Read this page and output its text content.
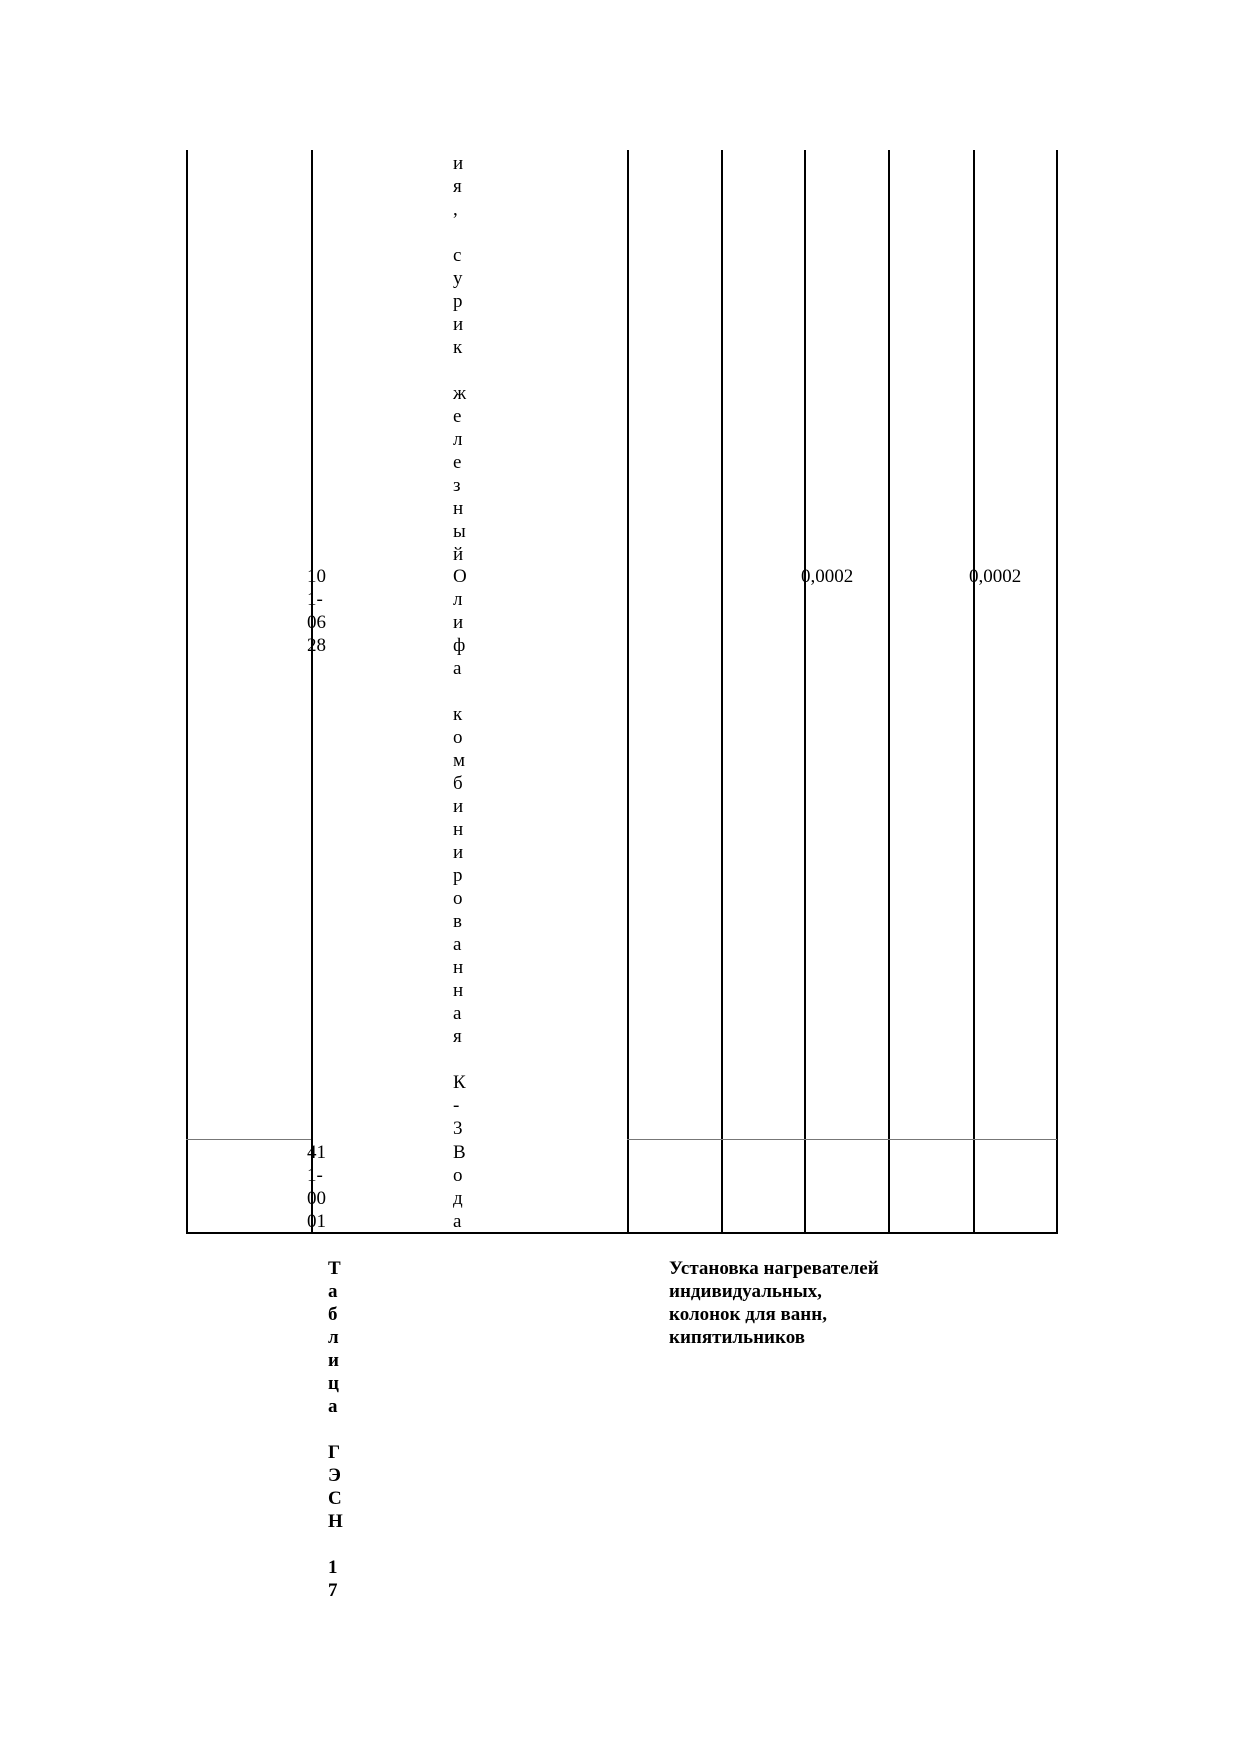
и
я
,

с
у
р
и
к

ж
е
л
е
з
н
ы
й
10
1-
06
28
О
л
и
ф
а

к
о
м
б
и
н
и
р
о
в
а
н
н
а
я

К
-
3
0,0002	0,0002
41
1-
00
01
В
о
д
а
Т
а
б
л
и
ц
а

Г
Э
С
Н

1
7
Установка нагревателей индивидуальных, колонок для ванн, кипятильников
